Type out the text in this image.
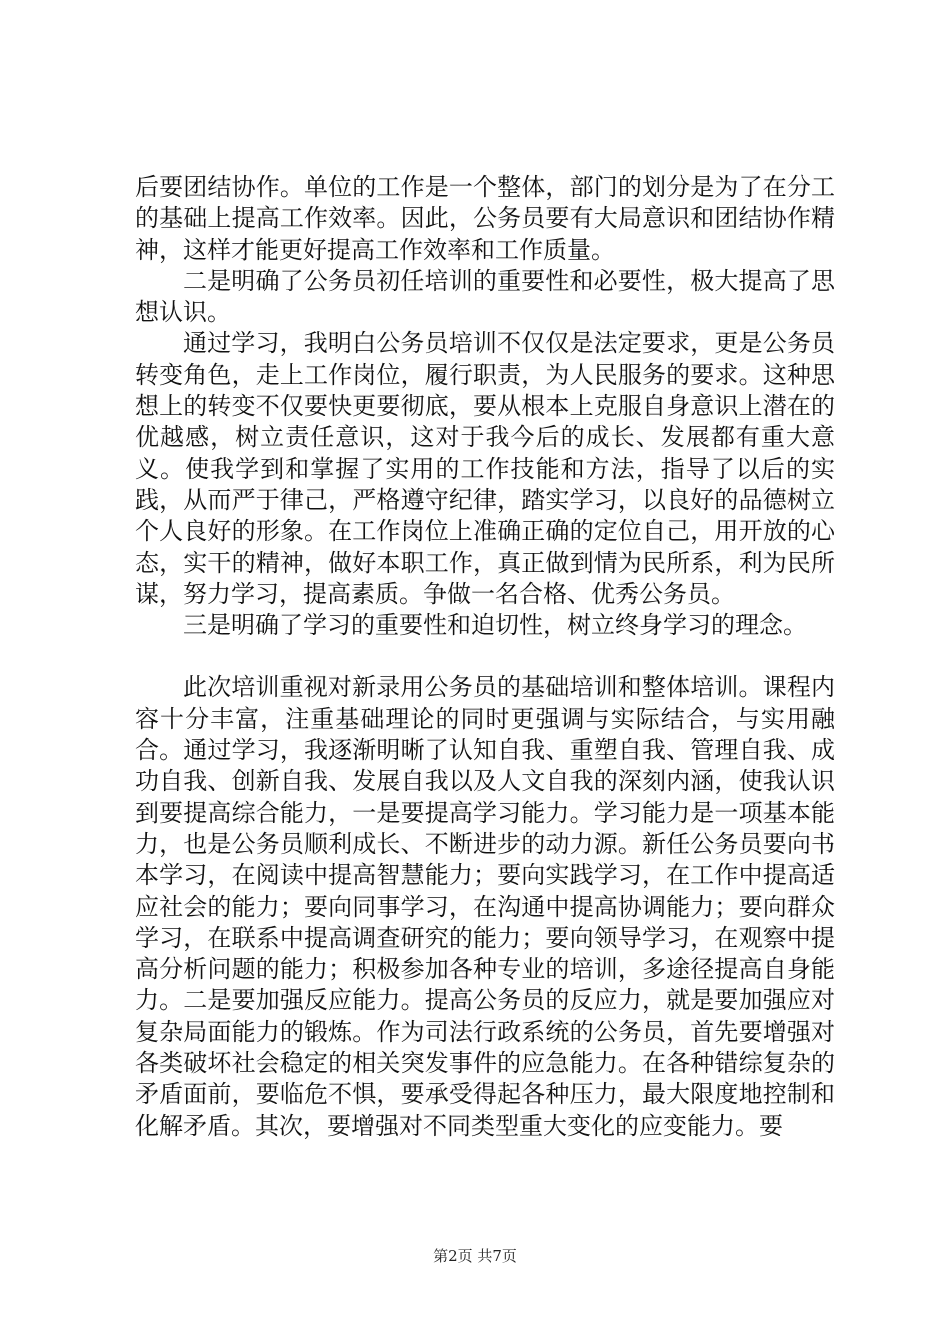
后要团结协作。单位的工作是一个整体，部门的划分是为了在分工的基础上提高工作效率。因此，公务员要有大局意识和团结协作精神，这样才能更好提高工作效率和工作质量。

二是明确了公务员初任培训的重要性和必要性，极大提高了思想认识。

通过学习，我明白公务员培训不仅仅是法定要求，更是公务员转变角色，走上工作岗位，履行职责，为人民服务的要求。这种思想上的转变不仅要快更要彻底，要从根本上克服自身意识上潜在的优越感，树立责任意识，这对于我今后的成长、发展都有重大意义。使我学到和掌握了实用的工作技能和方法，指导了以后的实践，从而严于律己，严格遵守纪律，踏实学习，以良好的品德树立个人良好的形象。在工作岗位上准确正确的定位自己，用开放的心态，实干的精神，做好本职工作，真正做到情为民所系，利为民所谋，努力学习，提高素质。争做一名合格、优秀公务员。

三是明确了学习的重要性和迫切性，树立终身学习的理念。

此次培训重视对新录用公务员的基础培训和整体培训。课程内容十分丰富，注重基础理论的同时更强调与实际结合，与实用融合。通过学习，我逐渐明晰了认知自我、重塑自我、管理自我、成功自我、创新自我、发展自我以及人文自我的深刻内涵，使我认识到要提高综合能力，一是要提高学习能力。学习能力是一项基本能力，也是公务员顺利成长、不断进步的动力源。新任公务员要向书本学习，在阅读中提高智慧能力；要向实践学习，在工作中提高适应社会的能力；要向同事学习，在沟通中提高协调能力；要向群众学习，在联系中提高调查研究的能力；要向领导学习，在观察中提高分析问题的能力；积极参加各种专业的培训，多途径提高自身能力。二是要加强反应能力。提高公务员的反应力，就是要加强应对复杂局面能力的锻炼。作为司法行政系统的公务员，首先要增强对各类破坏社会稳定的相关突发事件的应急能力。在各种错综复杂的矛盾面前，要临危不惧，要承受得起各种压力，最大限度地控制和化解矛盾。其次，要增强对不同类型重大变化的应变能力。要

第2页 共7页
